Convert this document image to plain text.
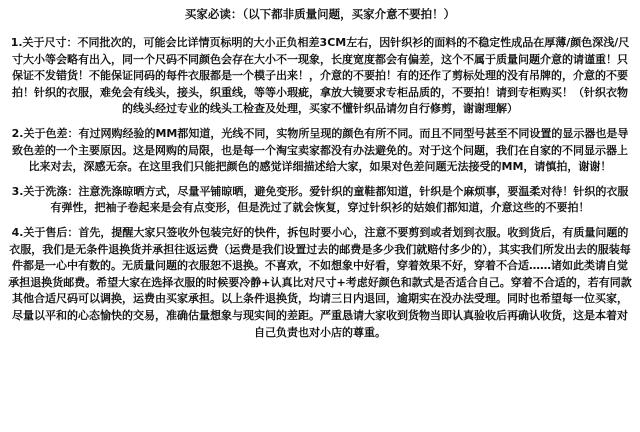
买家必读：（以下都非质量问题，买家介意不要拍！）
1.关于尺寸：不同批次的，可能会比详情页标明的大小正负相差3CM左右，因针织衫的面料的不稳定性成品在厚薄/颜色深浅/尺寸大小等会略有出入，同一个尺码不同颜色会存在大小不一现象，长度宽度都会有偏差，这个不属于质量问题介意的请谨重！只保证不发错货！不能保证同码的每件衣服都是一个模子出来！，介意的不要拍！有的还作了剪标处理的没有吊牌的，介意的不要拍！针织的衣服，难免会有线头，接头，织重线，等等小瑕疵，拿放大镜要求专柜品质的，不要拍！请到专柜购买！（针织衣物的线头经过专业的线头工检查及处理，买家不懂针织品请勿自行修剪，谢谢理解）
2.关于色差：有过网购经验的MM都知道，光线不同，实物所呈现的颜色有所不同。而且不同型号甚至不同设置的显示器也是导致色差的一个主要原因。这是网购的局限，也是每一个淘宝卖家都没有办法避免的。对于这个问题，我们在自家的不同显示器上比来对去，深感无奈。在这里我们只能把颜色的感觉详细描述给大家，如果对色差问题无法接受的MM，请慎拍，谢谢！
3.关于洗涤：注意洗涤晾晒方式，尽量平铺晾晒，避免变形。爱针织的童鞋都知道，针织是个麻烦事，要温柔对待！针织的衣服有弹性，把袖子卷起来是会有点变形，但是洗过了就会恢复，穿过针织衫的姑娘们都知道，介意这些的不要拍！
4.关于售后：首先，提醒大家只签收外包装完好的快件，拆包时要小心，注意不要剪到或者划到衣服。收到货后，有质量问题的衣服，我们是无条件退换货并承担往返运费（运费是我们设置过去的邮费是多少我们就赔付多少的），其实我们所发出去的服装每件都是一心中有数的。无质量问题的衣服恕不退换。不喜欢，不如想象中好看，穿着效果不好，穿着不合适……诸如此类请自觉承担退换货邮费。希望大家在选择衣服的时候要冷静+认真比对尺寸+考虑好颜色和款式是否适合自己。穿着不合适的，若有同款其他合适尺码可以调换，运费由买家承担。以上条件退换货，均请三日内退回，逾期实在没办法受理。同时也希望每一位买家，尽量以平和的心态愉快的交易，准确估量想象与现实间的差距。严重恳请大家收到货物当即认真验收后再确认收货，这是本着对自己负责也对小店的尊重。
